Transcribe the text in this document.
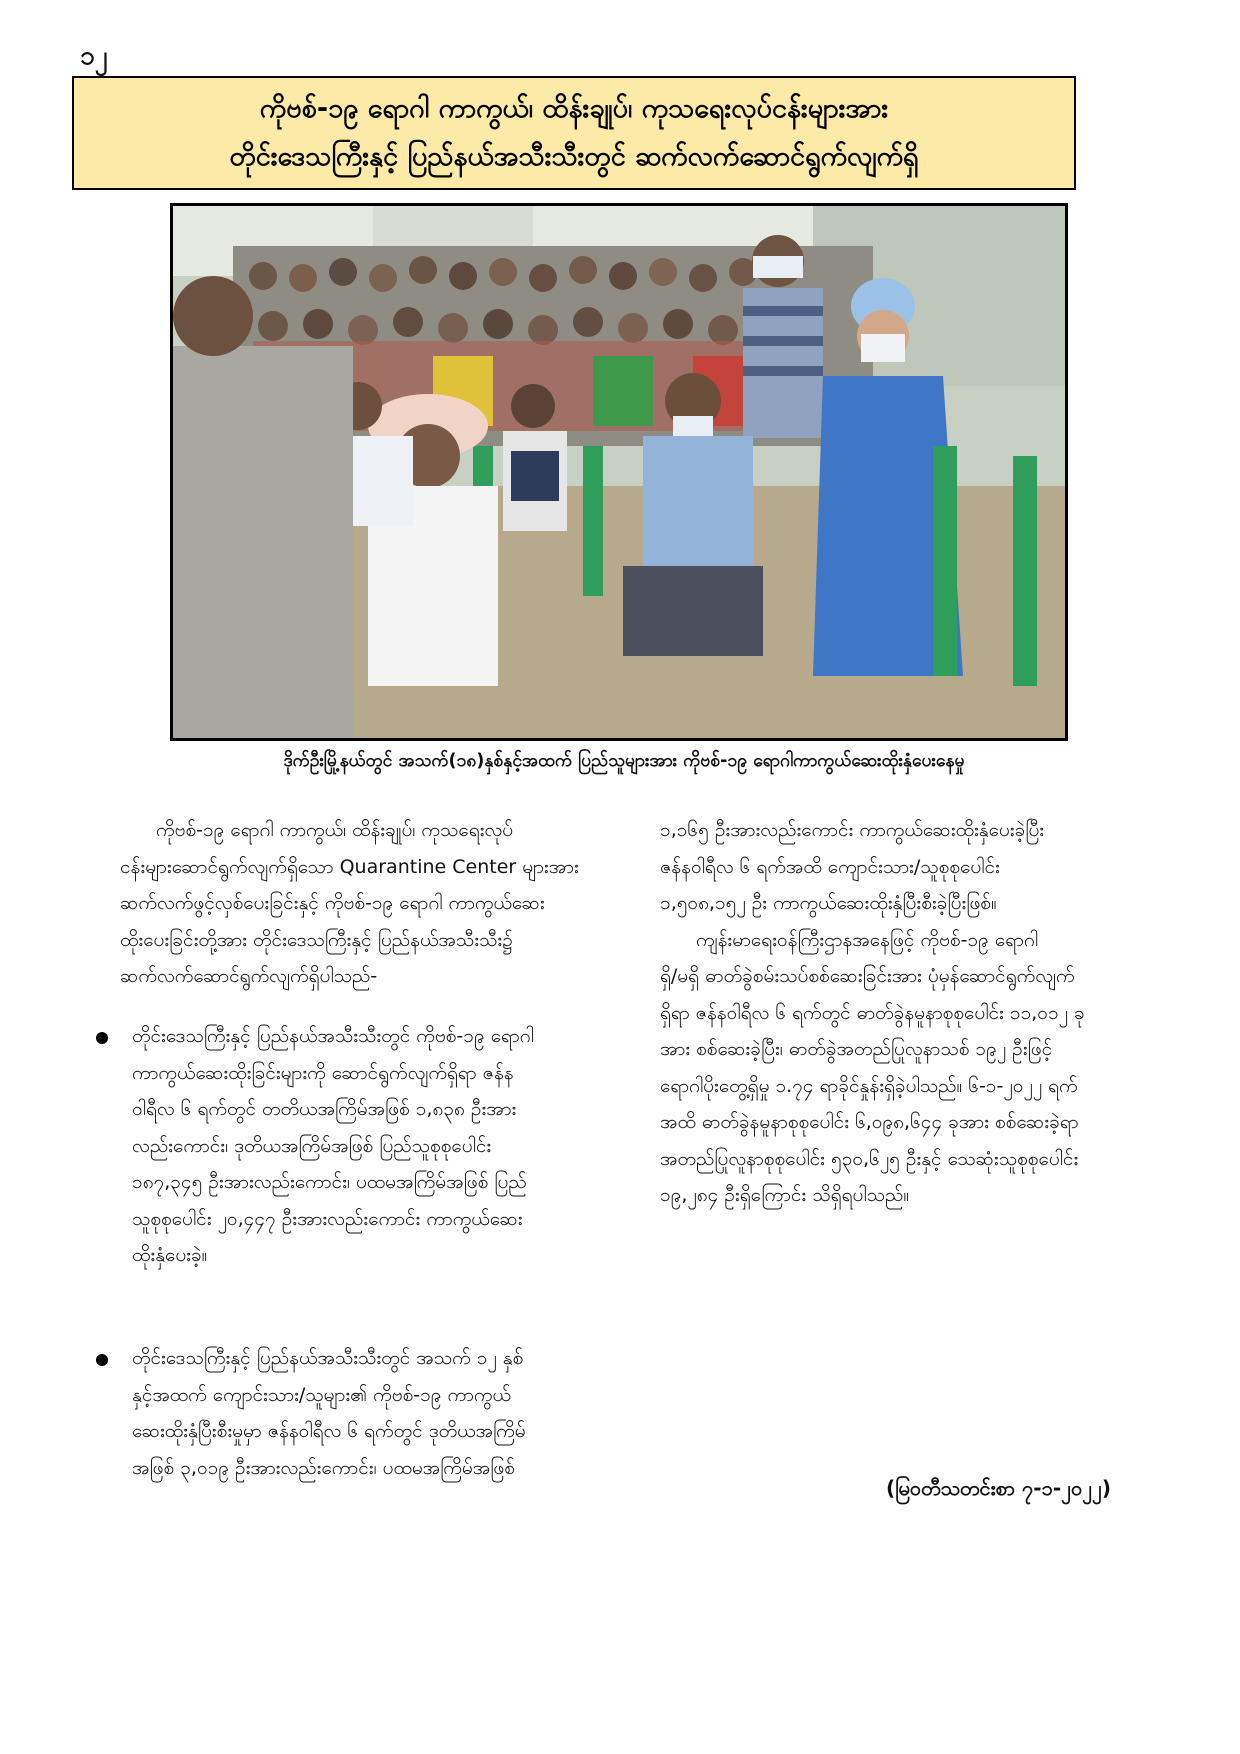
၁၂
ကိုဗစ်-၁၉ ရောဂါ ကာကွယ်၊ ထိန်းချုပ်၊ ကုသရေးလုပ်ငန်းများအား
တိုင်းဒေသကြီးနှင့် ပြည်နယ်အသီးသီးတွင် ဆက်လက်ဆောင်ရွက်လျက်ရှိ
ဒိုက်ဦးမြို့နယ်တွင် အသက်(၁၈)နှစ်နှင့်အထက် ပြည်သူများအား ကိုဗစ်-၁၉ ရောဂါကာကွယ်ဆေးထိုးနှံပေးနေမှု
ကိုဗစ်-၁၉ ရောဂါ ကာကွယ်၊ ထိန်းချုပ်၊ ကုသရေးလုပ်
ငန်းများဆောင်ရွက်လျက်ရှိသော Quarantine Center များအား
ဆက်လက်ဖွင့်လှစ်ပေးခြင်းနှင့် ကိုဗစ်-၁၉ ရောဂါ ကာကွယ်ဆေး
ထိုးပေးခြင်းတို့အား တိုင်းဒေသကြီးနှင့် ပြည်နယ်အသီးသီး၌
ဆက်လက်ဆောင်ရွက်လျက်ရှိပါသည်-
တိုင်းဒေသကြီးနှင့် ပြည်နယ်အသီးသီးတွင် ကိုဗစ်-၁၉ ရောဂါ
ကာကွယ်ဆေးထိုးခြင်းများကို ဆောင်ရွက်လျက်ရှိရာ ဇန်န
ဝါရီလ ၆ ရက်တွင် တတိယအကြိမ်အဖြစ် ၁,၈၃၈ ဦးအား
လည်းကောင်း၊ ဒုတိယအကြိမ်အဖြစ် ပြည်သူစုစုပေါင်း
၁၈၇,၃၄၅ ဦးအားလည်းကောင်း၊ ပထမအကြိမ်အဖြစ် ပြည်
သူစုစုပေါင်း ၂၀,၄၄၇ ဦးအားလည်းကောင်း ကာကွယ်ဆေး
ထိုးနှံပေးခဲ့။
တိုင်းဒေသကြီးနှင့် ပြည်နယ်အသီးသီးတွင် အသက် ၁၂ နှစ်
နှင့်အထက် ကျောင်းသား/သူများ၏ ကိုဗစ်-၁၉ ကာကွယ်
ဆေးထိုးနှံပြီးစီးမှုမှာ ဇန်နဝါရီလ ၆ ရက်တွင် ဒုတိယအကြိမ်
အဖြစ် ၃,၀၁၉ ဦးအားလည်းကောင်း၊ ပထမအကြိမ်အဖြစ်
၁,၁၆၅ ဦးအားလည်းကောင်း ကာကွယ်ဆေးထိုးနှံပေးခဲ့ပြီး
ဇန်နဝါရီလ ၆ ရက်အထိ ကျောင်းသား/သူစုစုပေါင်း
၁,၅၀၈,၁၅၂ ဦး ကာကွယ်ဆေးထိုးနှံပြီးစီးခဲ့ပြီးဖြစ်။
ကျန်းမာရေးဝန်ကြီးဌာနအနေဖြင့် ကိုဗစ်-၁၉ ရောဂါ
ရှိ/မရှိ ဓာတ်ခွဲစမ်းသပ်စစ်ဆေးခြင်းအား ပုံမှန်ဆောင်ရွက်လျက်
ရှိရာ ဇန်နဝါရီလ ၆ ရက်တွင် ဓာတ်ခွဲနမူနာစုစုပေါင်း ၁၁,၀၁၂ ခု
အား စစ်ဆေးခဲ့ပြီး၊ ဓာတ်ခွဲအတည်ပြုလူနာသစ် ၁၉၂ ဦးဖြင့်
ရောဂါပိုးတွေ့ရှိမှု ၁.၇၄ ရာခိုင်နှုန်းရှိခဲ့ပါသည်။ ၆-၁-၂၀၂၂ ရက်
အထိ ဓာတ်ခွဲနမူနာစုစုပေါင်း ၆,၀၉၈,၆၄၄ ခုအား စစ်ဆေးခဲ့ရာ
အတည်ပြုလူနာစုစုပေါင်း ၅၃၀,၆၂၅ ဦးနှင့် သေဆုံးသူစုစုပေါင်း
၁၉,၂၈၄ ဦးရှိကြောင်း သိရှိရပါသည်။
(မြဝတီသတင်းစာ ၇-၁-၂၀၂၂)
